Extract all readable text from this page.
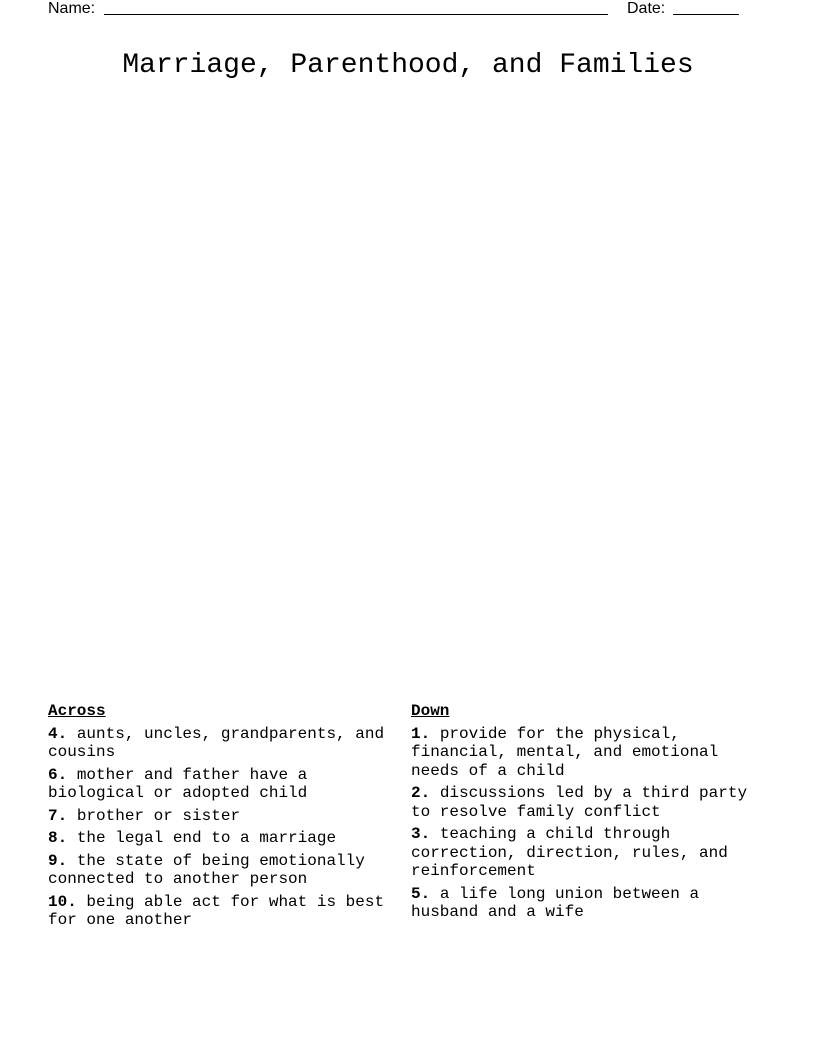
Name:	Date:
Marriage, Parenthood, and Families
Across
4. aunts, uncles, grandparents, and cousins
6. mother and father have a biological or adopted child
7. brother or sister
8. the legal end to a marriage
9. the state of being emotionally connected to another person
10. being able act for what is best for one another
Down
1. provide for the physical, financial, mental, and emotional needs of a child
2. discussions led by a third party to resolve family conflict
3. teaching a child through correction, direction, rules, and reinforcement
5. a life long union between a husband and a wife
